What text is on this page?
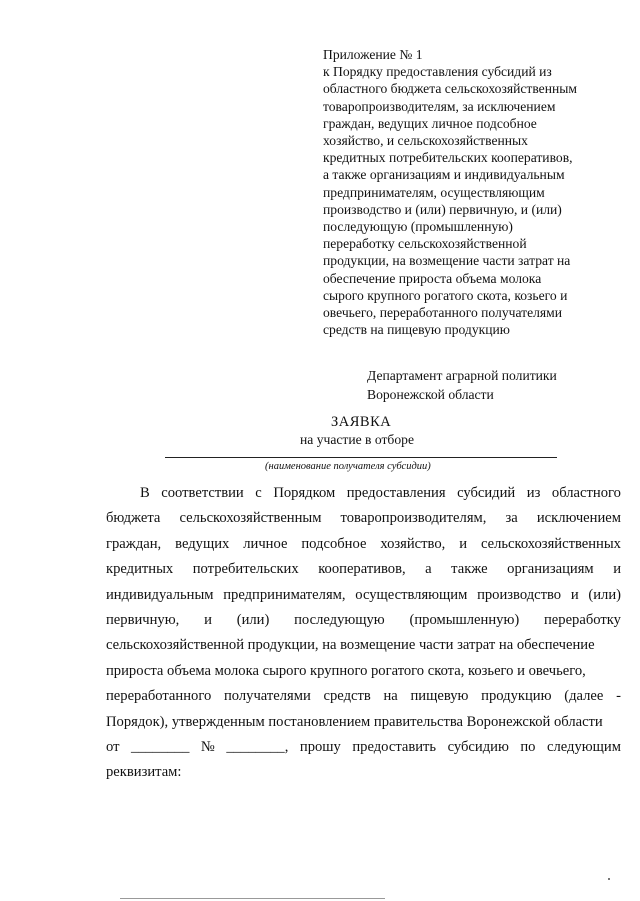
Приложение № 1
к Порядку предоставления субсидий из
областного бюджета сельскохозяйственным
товаропроизводителям, за исключением
граждан, ведущих личное подсобное
хозяйство, и сельскохозяйственных
кредитных потребительских кооперативов,
а также организациям и индивидуальным
предпринимателям, осуществляющим
производство и (или) первичную, и (или)
последующую (промышленную)
переработку сельскохозяйственной
продукции, на возмещение части затрат на
обеспечение прироста объема молока
сырого крупного рогатого скота, козьего и
овечьего, переработанного получателями
средств на пищевую продукцию
Департамент аграрной политики
Воронежской области
ЗАЯВКА
на участие в отборе
(наименование получателя субсидии)
В соответствии с Порядком предоставления субсидий из областного
бюджета сельскохозяйственным товаропроизводителям, за исключением
граждан, ведущих личное подсобное хозяйство, и сельскохозяйственных
кредитных потребительских кооперативов, а также организациям и
индивидуальным предпринимателям, осуществляющим производство и (или)
первичную, и (или) последующую (промышленную) переработку
сельскохозяйственной продукции, на возмещение части затрат на обеспечение
прироста объема молока сырого крупного рогатого скота, козьего и овечьего,
переработанного получателями средств на пищевую продукцию (далее -
Порядок), утвержденным постановлением правительства Воронежской области
от ________ № ________, прошу предоставить субсидию по следующим
реквизитам:
